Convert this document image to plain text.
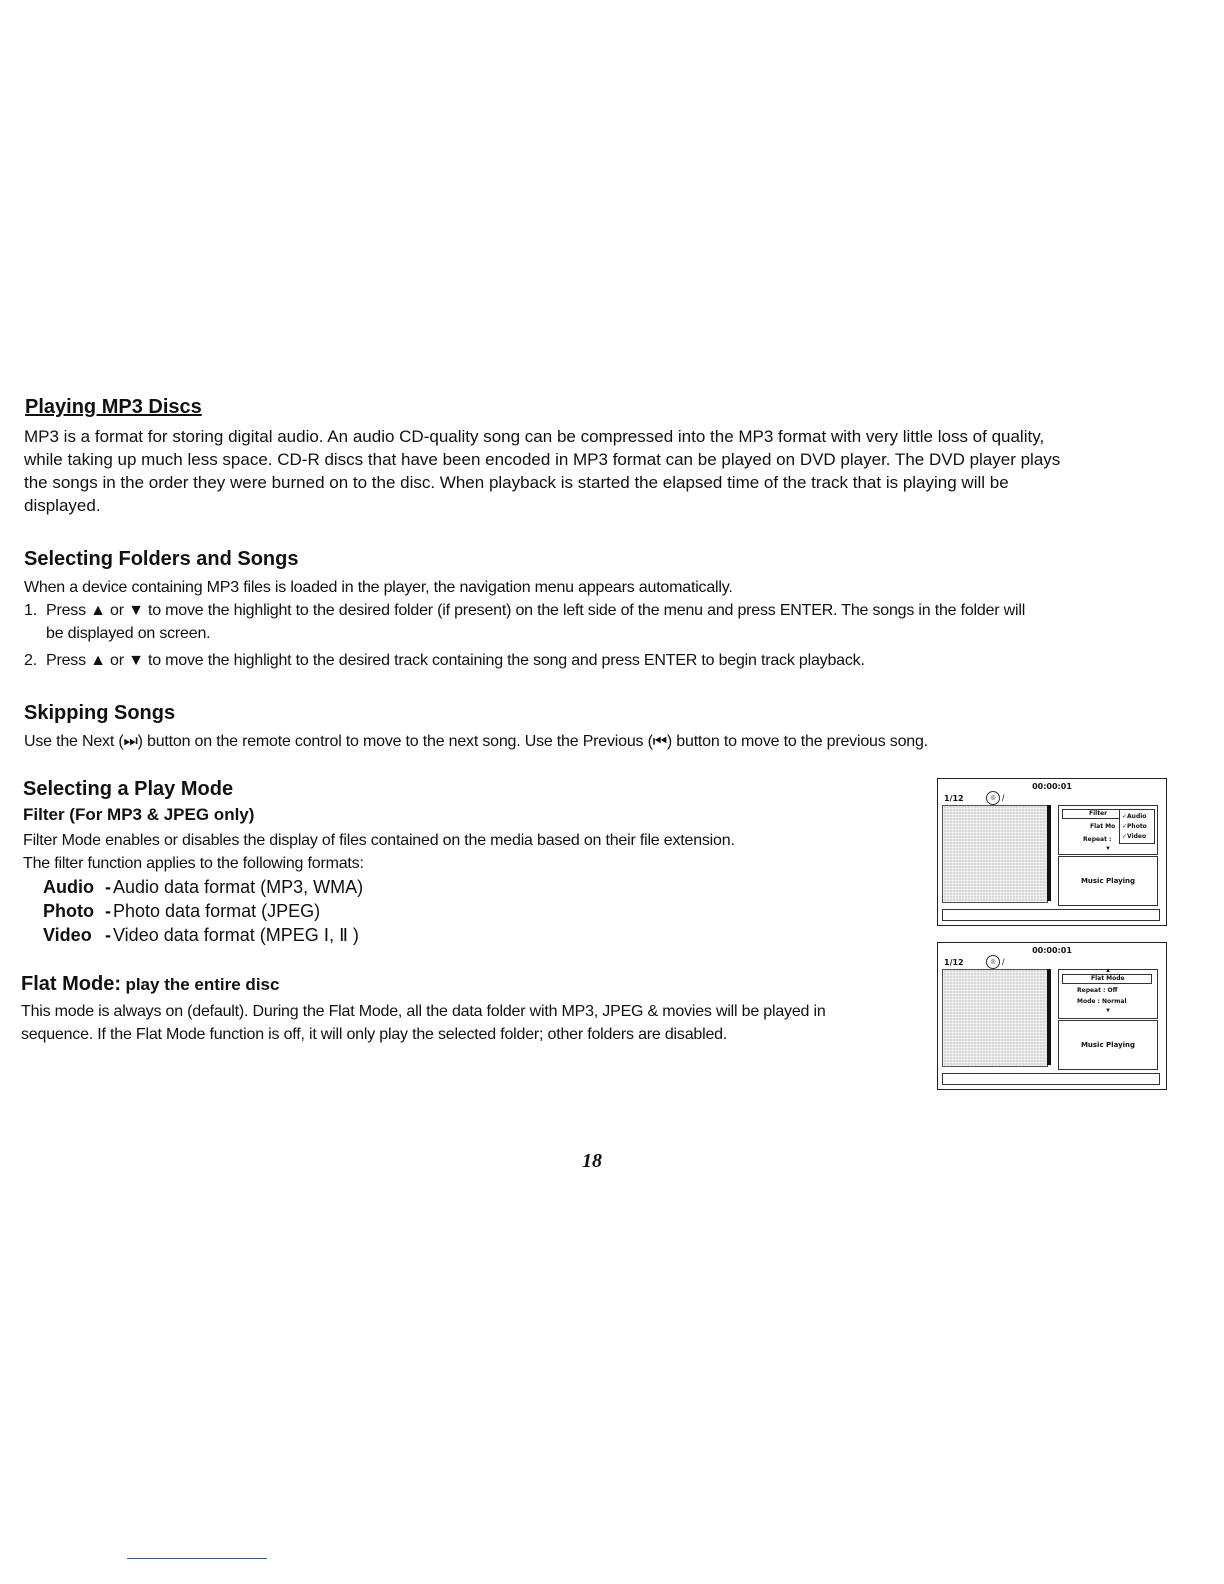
Playing MP3 Discs
MP3 is a format for storing digital audio. An audio CD-quality song can be compressed into the MP3 format with very little loss of quality,
while taking up much less space. CD-R discs that have been encoded in MP3 format can be played on DVD player. The DVD player plays
the songs in the order they were burned on to the disc. When playback is started the elapsed time of the track that is playing will be
displayed.
Selecting Folders and Songs
When a device containing MP3 files is loaded in the player, the navigation menu appears automatically.
1. Press ▲ or ▼ to move the highlight to the desired folder (if present) on the left side of the menu and press ENTER. The songs in the folder will
be displayed on screen.
2. Press ▲ or ▼ to move the highlight to the desired track containing the song and press ENTER to begin track playback.
Skipping Songs
Use the Next (⏭) button on the remote control to move to the next song. Use the Previous (⏮) button to move to the previous song.
Selecting a Play Mode
Filter (For MP3 & JPEG only)
Filter Mode enables or disables the display of files contained on the media based on their file extension.
The filter function applies to the following formats:
Audio - Audio data format (MP3, WMA)
Photo - Photo data format (JPEG)
Video - Video data format (MPEG Ⅰ, Ⅱ )
Flat Mode: play the entire disc
This mode is always on (default). During the Flat Mode, all the data folder with MP3, JPEG & movies will be played in
sequence. If the Flat Mode function is off, it will only play the selected folder; other folders are disabled.
00:00:01
1/12	◎ /
Filter
Flat Mo
Repeat :
▼
✓Audio
✓Photo
✓Video
Music Playing
00:00:01
1/12	◎ /
▲
Flat Mode
Repeat : Off
Mode : Normal
▼
Music Playing
18
